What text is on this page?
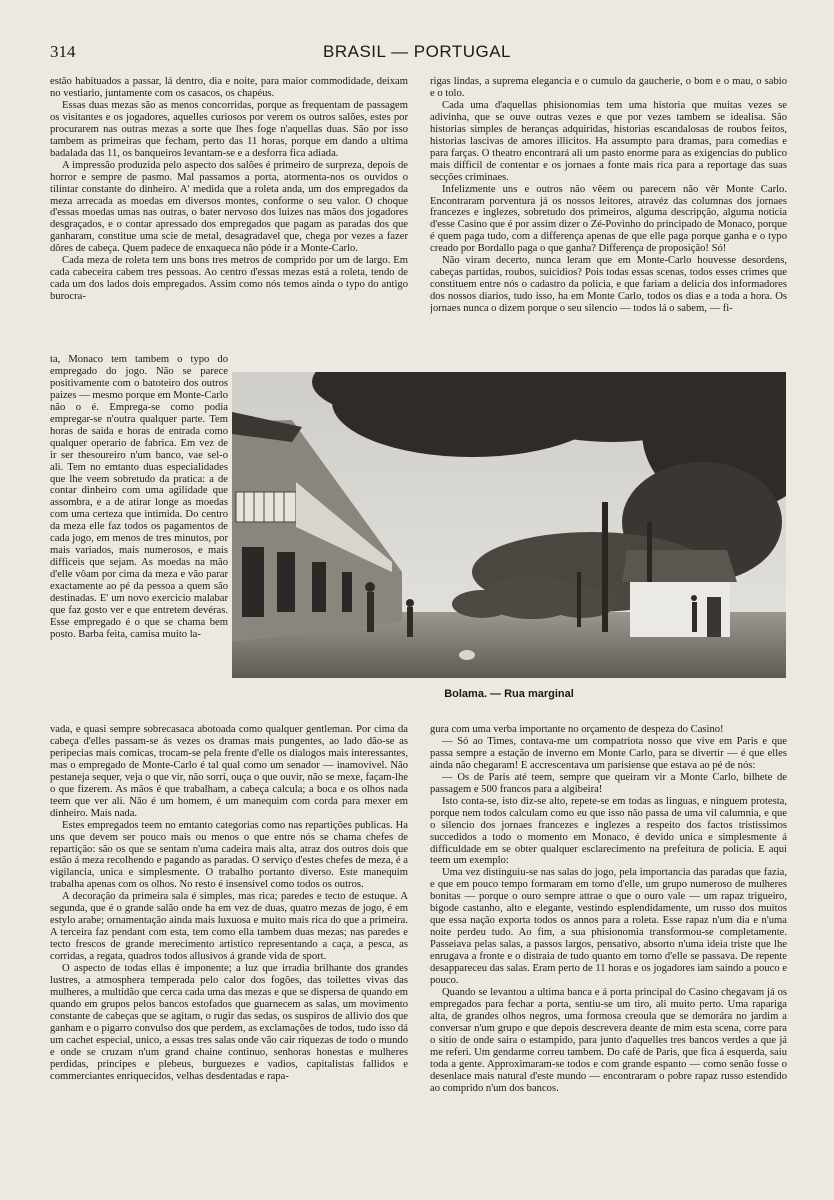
314	BRASIL — PORTUGAL

estão habituados a passar, lá dentro, dia e noite, para maior commodidade, deixam no vestiario, juntamente com os casacos, os chapéus.

Essas duas mezas são as menos concorridas, porque as frequentam de passagem os visitantes e os jogadores, aquelles curiosos por verem os outros salões, estes por procurarem nas outras mezas a sorte que lhes foge n'aquellas duas. São por isso tambem as primeiras que fecham, perto das 11 horas, porque em dando a ultima badalada das 11, os banqueiros levantam-se e a desforra fica adiada.

A impressão produzida pelo aspecto dos salões é primeiro de surpreza, depois de horror e sempre de pasmo. Mal passamos a porta, atormenta-nos os ouvidos o tilintar constante do dinheiro. A' medida que a roleta anda, um dos empregados da meza arrecada as moedas em diversos montes, conforme o seu valor. O choque d'essas moedas umas nas outras, o bater nervoso dos luizes nas mãos dos jogadores desgraçados, e o contar apressado dos empregados que pagam as paradas dos que ganharam, constitue uma scie de metal, desagradavel que, chega por vezes a fazer dôres de cabeça. Quem padece de enxaqueca não póde ir a Monte-Carlo.

Cada meza de roleta tem uns bons tres metros de comprido por um de largo. Em cada cabeceira cabem tres pessoas. Ao centro d'essas mezas está a roleta, tendo de cada um dos lados dois empregados. Assim como nós temos ainda o typo do antigo burocra-

rigas lindas, a suprema elegancia e o cumulo da gaucherie, o bom e o mau, o sabio e o tolo.

Cada uma d'aquellas phisionomias tem uma historia que muitas vezes se adivinha, que se ouve outras vezes e que por vezes tambem se idealisa. São historias simples de heranças adquiridas, historias escandalosas de roubos feitos, historias lascivas de amores illicitos. Ha assumpto para dramas, para comedias e para farças. O theatro encontrará ali um pasto enorme para as exigencias do publico mais difficil de contentar e os jornaes a fonte mais rica para a reportage das suas secções criminaes.

Infelizmente uns e outros não vêem ou parecem não vêr Monte Carlo. Encontraram porventura já os nossos leitores, atravéz das columnas dos jornaes francezes e inglezes, sobretudo dos primeiros, alguma descripção, alguma noticia d'esse Casino que é por assim dizer o Zé-Povinho do principado de Monaco, porque é quem paga tudo, com a differença apenas de que elle paga porque ganha e o typo creado por Bordallo paga o que ganha? Differença de proposição! Só!

Não viram decerto, nunca leram que em Monte-Carlo houvesse desordens, cabeças partidas, roubos, suicidios? Pois todas essas scenas, todos esses crimes que constituem entre nós o cadastro da policia, e que fariam a delicia dos informadores dos nossos diarios, tudo isso, ha em Monte Carlo, todos os dias e a toda a hora. Os jornaes nunca o dizem porque o seu silencio — todos lá o sabem, — fi-

ta, Monaco tem tambem o typo do empregado do jogo. Não se parece positivamente com o batoteiro dos outros paizes — mesmo porque em Monte-Carlo não o é. Emprega-se como podia empregar-se n'outra qualquer parte. Tem horas de saida e horas de entrada como qualquer operario de fabrica. Em vez de ir ser thesoureiro n'um banco, vae sel-o ali. Tem no emtanto duas especialidades que lhe veem sobretudo da pratica: a de contar dinheiro com uma agilidade que assombra, e a de atirar longe as moedas com uma certeza que intimida. Do centro da meza elle faz todos os pagamentos de cada jogo, em menos de tres minutos, por mais variados, mais numerosos, e mais difficeis que sejam. As moedas na mão d'elle vôam por cima da meza e vão parar exactamente ao pé da pessoa a quem são destinadas. E' um novo exercicio malabar que faz gosto ver e que entretem devéras. Esse empregado é o que se chama bem posto. Barba feita, camisa muito la-

Bolama. — Rua marginal

vada, e quasi sempre sobrecasaca abotoada como qualquer gentleman. Por cima da cabeça d'elles passam-se ás vezes os dramas mais pungentes, ao lado dão-se as peripecias mais comicas, trocam-se pela frente d'elle os dialogos mais interessantes, mas o empregado de Monte-Carlo é tal qual como um senador — inamovivel. Não pestaneja sequer, veja o que vir, não sorri, ouça o que ouvir, não se mexe, façam-lhe o que fizerem. As mãos é que trabalham, a cabeça calcula; a boca e os olhos nada teem que ver ali. Não é um homem, é um manequim com corda para mexer em dinheiro. Mais nada.

Estes empregados teem no emtanto categorias como nas repartições publicas. Ha uns que devem ser pouco mais ou menos o que entre nós se chama chefes de repartição: são os que se sentam n'uma cadeira mais alta, atraz dos outros dois que estão á meza recolhendo e pagando as paradas. O serviço d'estes chefes de meza, é a vigilancia, unica e simplesmente. O trabalho portanto diverso. Este manequim trabalha apenas com os olhos. No resto é insensivel como todos os outros.

A decoração da primeira sala é simples, mas rica; paredes e tecto de estuque. A segunda, que é o grande salão onde ha em vez de duas, quatro mezas de jogo, é em estylo arabe; ornamentação ainda mais luxuosa e muito mais rica do que a primeira. A terceira faz pendant com esta, tem como ella tambem duas mezas; nas paredes e tecto frescos de grande merecimento artistico representando a caça, a pesca, as corridas, a regata, quadros todos allusivos á grande vida de sport.

O aspecto de todas ellas é imponente; a luz que irradia brilhante dos grandes lustres, a atmosphera temperada pelo calor dos fogões, das toilettes vivas das mulheres, a multidão que cerca cada uma das mezas e que se dispersa de quando em quando em grupos pelos bancos estofados que guarnecem as salas, um movimento constante de cabeças que se agitam, o rugir das sedas, os suspiros de allivio dos que ganham e o pigarro convulso dos que perdem, as exclamações de todos, tudo isso dá um cachet especial, unico, a essas tres salas onde vão cair riquezas de todo o mundo e onde se cruzam n'um grand chaine continuo, senhoras honestas e mulheres perdidas, principes e plebeus, burguezes e vadios, capitalistas fallidos e commerciantes enriquecidos, velhas desdentadas e rapa-

gura com uma verba importante no orçamento de despeza do Casino!

— Só ao Times, contava-me um compatriota nosso que vive em Paris e que passa sempre a estação de inverno em Monte Carlo, para se divertir — é que elles ainda não chegaram! E accrescentava um parisiense que estava ao pé de nós:

— Os de Paris até teem, sempre que queiram vir a Monte Carlo, bilhete de passagem e 500 francos para a algibeira!

Isto conta-se, isto diz-se alto, repete-se em todas as linguas, e ninguem protesta, porque nem todos calculam como eu que isso não passa de uma vil calumnia, e que o silencio dos jornaes francezes e inglezes a respeito dos factos tristissimos succedidos a todo o momento em Monaco, é devido unica e simplesmente á difficuldade em se obter qualquer esclarecimento na prefeitura de policia. E aqui teem um exemplo:

Uma vez distinguiu-se nas salas do jogo, pela importancia das paradas que fazia, e que em pouco tempo formaram em torno d'elle, um grupo numeroso de mulheres bonitas — porque o ouro sempre attrae o que o ouro vale — um rapaz trigueiro, bigode castanho, alto e elegante, vestindo esplendidamente, um russo dos muitos que essa nação exporta todos os annos para a roleta. Esse rapaz n'um dia e n'uma noite perdeu tudo. Ao fim, a sua phisionomia transformou-se completamente. Passeiava pelas salas, a passos largos, pensativo, absorto n'uma ideia triste que lhe enrugava a fronte e o distraia de tudo quanto em torno d'elle se passava. De repente desappareceu das salas. Eram perto de 11 horas e os jogadores iam saindo a pouco e pouco.

Quando se levantou a ultima banca e á porta principal do Casino chegavam já os empregados para fechar a porta, sentiu-se um tiro, ali muito perto. Uma rapariga alta, de grandes olhos negros, uma formosa creoula que se demorára no jardim a conversar n'um grupo e que depois descrevera deante de mim esta scena, corre para o sitio de onde saira o estampido, para junto d'aquelles tres bancos verdes a que já me referi. Um gendarme correu tambem. Do café de Paris, que fica á esquerda, saiu toda a gente. Approximaram-se todos e com grande espanto — como senão fosse o desenlace mais natural d'este mundo — encontraram o pobre rapaz russo estendido ao comprido n'um dos bancos.
